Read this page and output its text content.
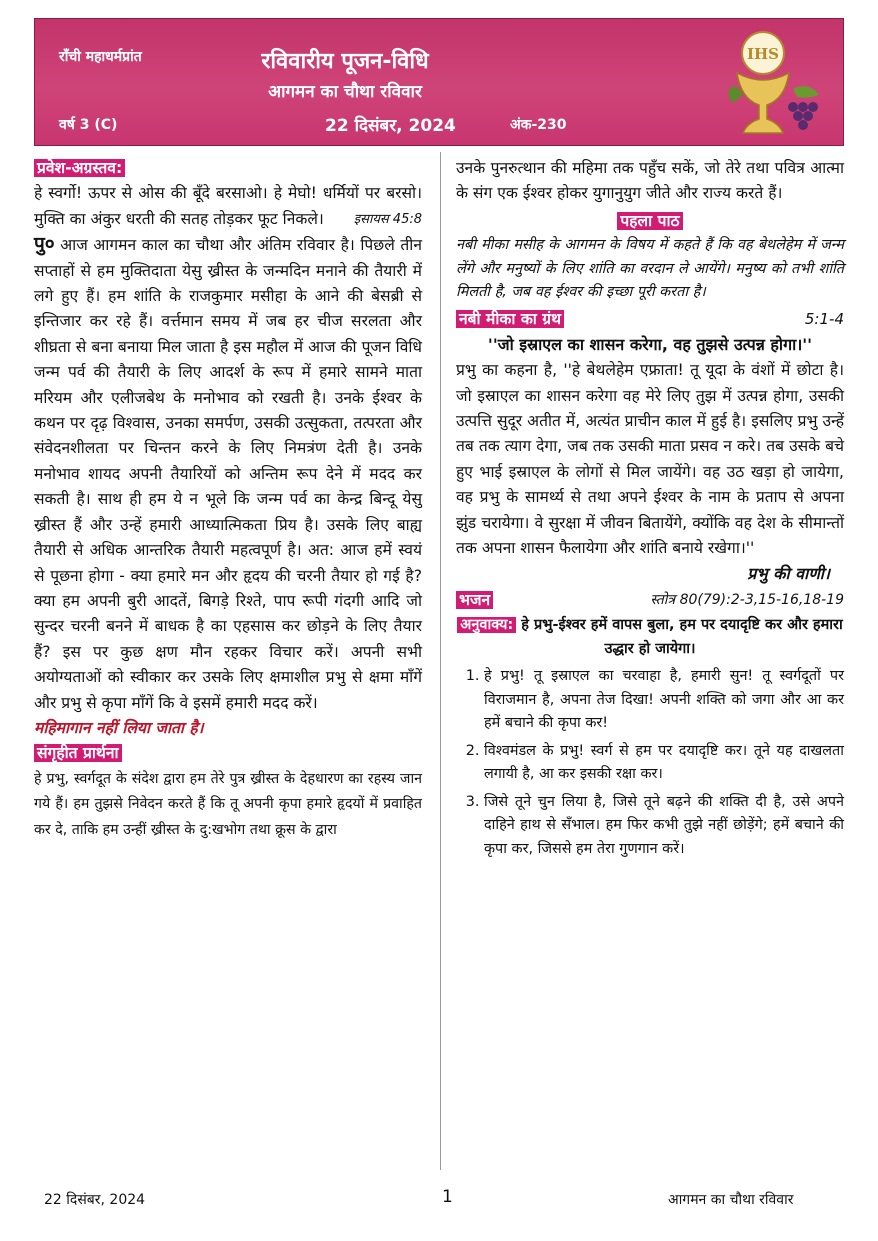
राँची महाधर्मप्रांत
वर्ष 3 (C)
रविवारीय पूजन-विधि
आगमन का चौथा रविवार
22 दिसंबर, 2024	अंक-230
IHS

प्रवेश-अग्रस्तव:

हे स्वर्गो! ऊपर से ओस की बूँदे बरसाओ। हे मेघो! धर्मियों पर बरसो। मुक्ति का अंकुर धरती की सतह तोड़कर फूट निकले। इसायस 45:8

पु० आज आगमन काल का चौथा और अंतिम रविवार है। पिछले तीन सप्ताहों से हम मुक्तिदाता येसु ख्रीस्त के जन्मदिन मनाने की तैयारी में लगे हुए हैं। हम शांति के राजकुमार मसीहा के आने की बेसब्री से इन्तिजार कर रहे हैं। वर्त्तमान समय में जब हर चीज सरलता और शीघ्रता से बना बनाया मिल जाता है इस महौल में आज की पूजन विधि जन्म पर्व की तैयारी के लिए आदर्श के रूप में हमारे सामने माता मरियम और एलीजबेथ के मनोभाव को रखती है। उनके ईश्वर के कथन पर दृढ़ विश्वास, उनका समर्पण, उसकी उत्सुकता, तत्परता और संवेदनशीलता पर चिन्तन करने के लिए निमत्रंण देती है। उनके मनोभाव शायद अपनी तैयारियों को अन्तिम रूप देने में मदद कर सकती है। साथ ही हम ये न भूले कि जन्म पर्व का केन्द्र बिन्दू येसु ख्रीस्त हैं और उन्हें हमारी आध्यात्मिकता प्रिय है। उसके लिए बाह्य तैयारी से अधिक आन्तरिक तैयारी महत्वपूर्ण है। अत: आज हमें स्वयं से पूछना होगा - क्या हमारे मन और हृदय की चरनी तैयार हो गई है? क्या हम अपनी बुरी आदतें, बिगड़े रिश्ते, पाप रूपी गंदगी आदि जो सुन्दर चरनी बनने में बाधक है का एहसास कर छोड़ने के लिए तैयार हैं? इस पर कुछ क्षण मौन रहकर विचार करें। अपनी सभी अयोग्यताओं को स्वीकार कर उसके लिए क्षमाशील प्रभु से क्षमा माँगें और प्रभु से कृपा माँगें कि वे इसमें हमारी मदद करें।

महिमागान नहीं लिया जाता है।

संगृहीत प्रार्थना

हे प्रभु, स्वर्गदूत के संदेश द्वारा हम तेरे पुत्र ख्रीस्त के देहधारण का रहस्य जान गये हैं। हम तुझसे निवेदन करते हैं कि तू अपनी कृपा हमारे हृदयों में प्रवाहित कर दे, ताकि हम उन्हीं ख्रीस्त के दु:खभोग तथा क्रूस के द्वारा

उनके पुनरुत्थान की महिमा तक पहुँच सकें, जो तेरे तथा पवित्र आत्मा के संग एक ईश्वर होकर युगानुयुग जीते और राज्य करते हैं।

पहला पाठ

नबी मीका मसीह के आगमन के विषय में कहते हैं कि वह बेथलेहेम में जन्म लेंगे और मनुष्यों के लिए शांति का वरदान ले आयेंगे। मनुष्य को तभी शांति मिलती है, जब वह ईश्वर की इच्छा पूरी करता है।

नबी मीका का ग्रंथ	5:1-4

''जो इस्राएल का शासन करेगा, वह तुझसे उत्पन्न होगा।''

प्रभु का कहना है, ''हे बेथलेहेम एफ्राता! तू यूदा के वंशों में छोटा है। जो इस्राएल का शासन करेगा वह मेरे लिए तुझ में उत्पन्न होगा, उसकी उत्पत्ति सुदूर अतीत में, अत्यंत प्राचीन काल में हुई है। इसलिए प्रभु उन्हें तब तक त्याग देगा, जब तक उसकी माता प्रसव न करे। तब उसके बचे हुए भाई इस्राएल के लोगों से मिल जायेंगे। वह उठ खड़ा हो जायेगा, वह प्रभु के सामर्थ्य से तथा अपने ईश्वर के नाम के प्रताप से अपना झुंड चरायेगा। वे सुरक्षा में जीवन बितायेंगे, क्योंकि वह देश के सीमान्तों तक अपना शासन फैलायेगा और शांति बनाये रखेगा।''

प्रभु की वाणी।

भजन	स्तोत्र 80(79):2-3,15-16,18-19

अनुवाक्य: हे प्रभु-ईश्वर हमें वापस बुला, हम पर दयादृष्टि कर और हमारा उद्धार हो जायेगा।

1. हे प्रभु! तू इस्राएल का चरवाहा है, हमारी सुन! तू स्वर्गदूतों पर विराजमान है, अपना तेज दिखा! अपनी शक्ति को जगा और आ कर हमें बचाने की कृपा कर!
2. विश्वमंडल के प्रभु! स्वर्ग से हम पर दयादृष्टि कर। तूने यह दाखलता लगायी है, आ कर इसकी रक्षा कर।
3. जिसे तूने चुन लिया है, जिसे तूने बढ़ने की शक्ति दी है, उसे अपने दाहिने हाथ से सँभाल। हम फिर कभी तुझे नहीं छोड़ेंगे; हमें बचाने की कृपा कर, जिससे हम तेरा गुणगान करें।
22 दिसंबर, 2024	1	आगमन का चौथा रविवार
